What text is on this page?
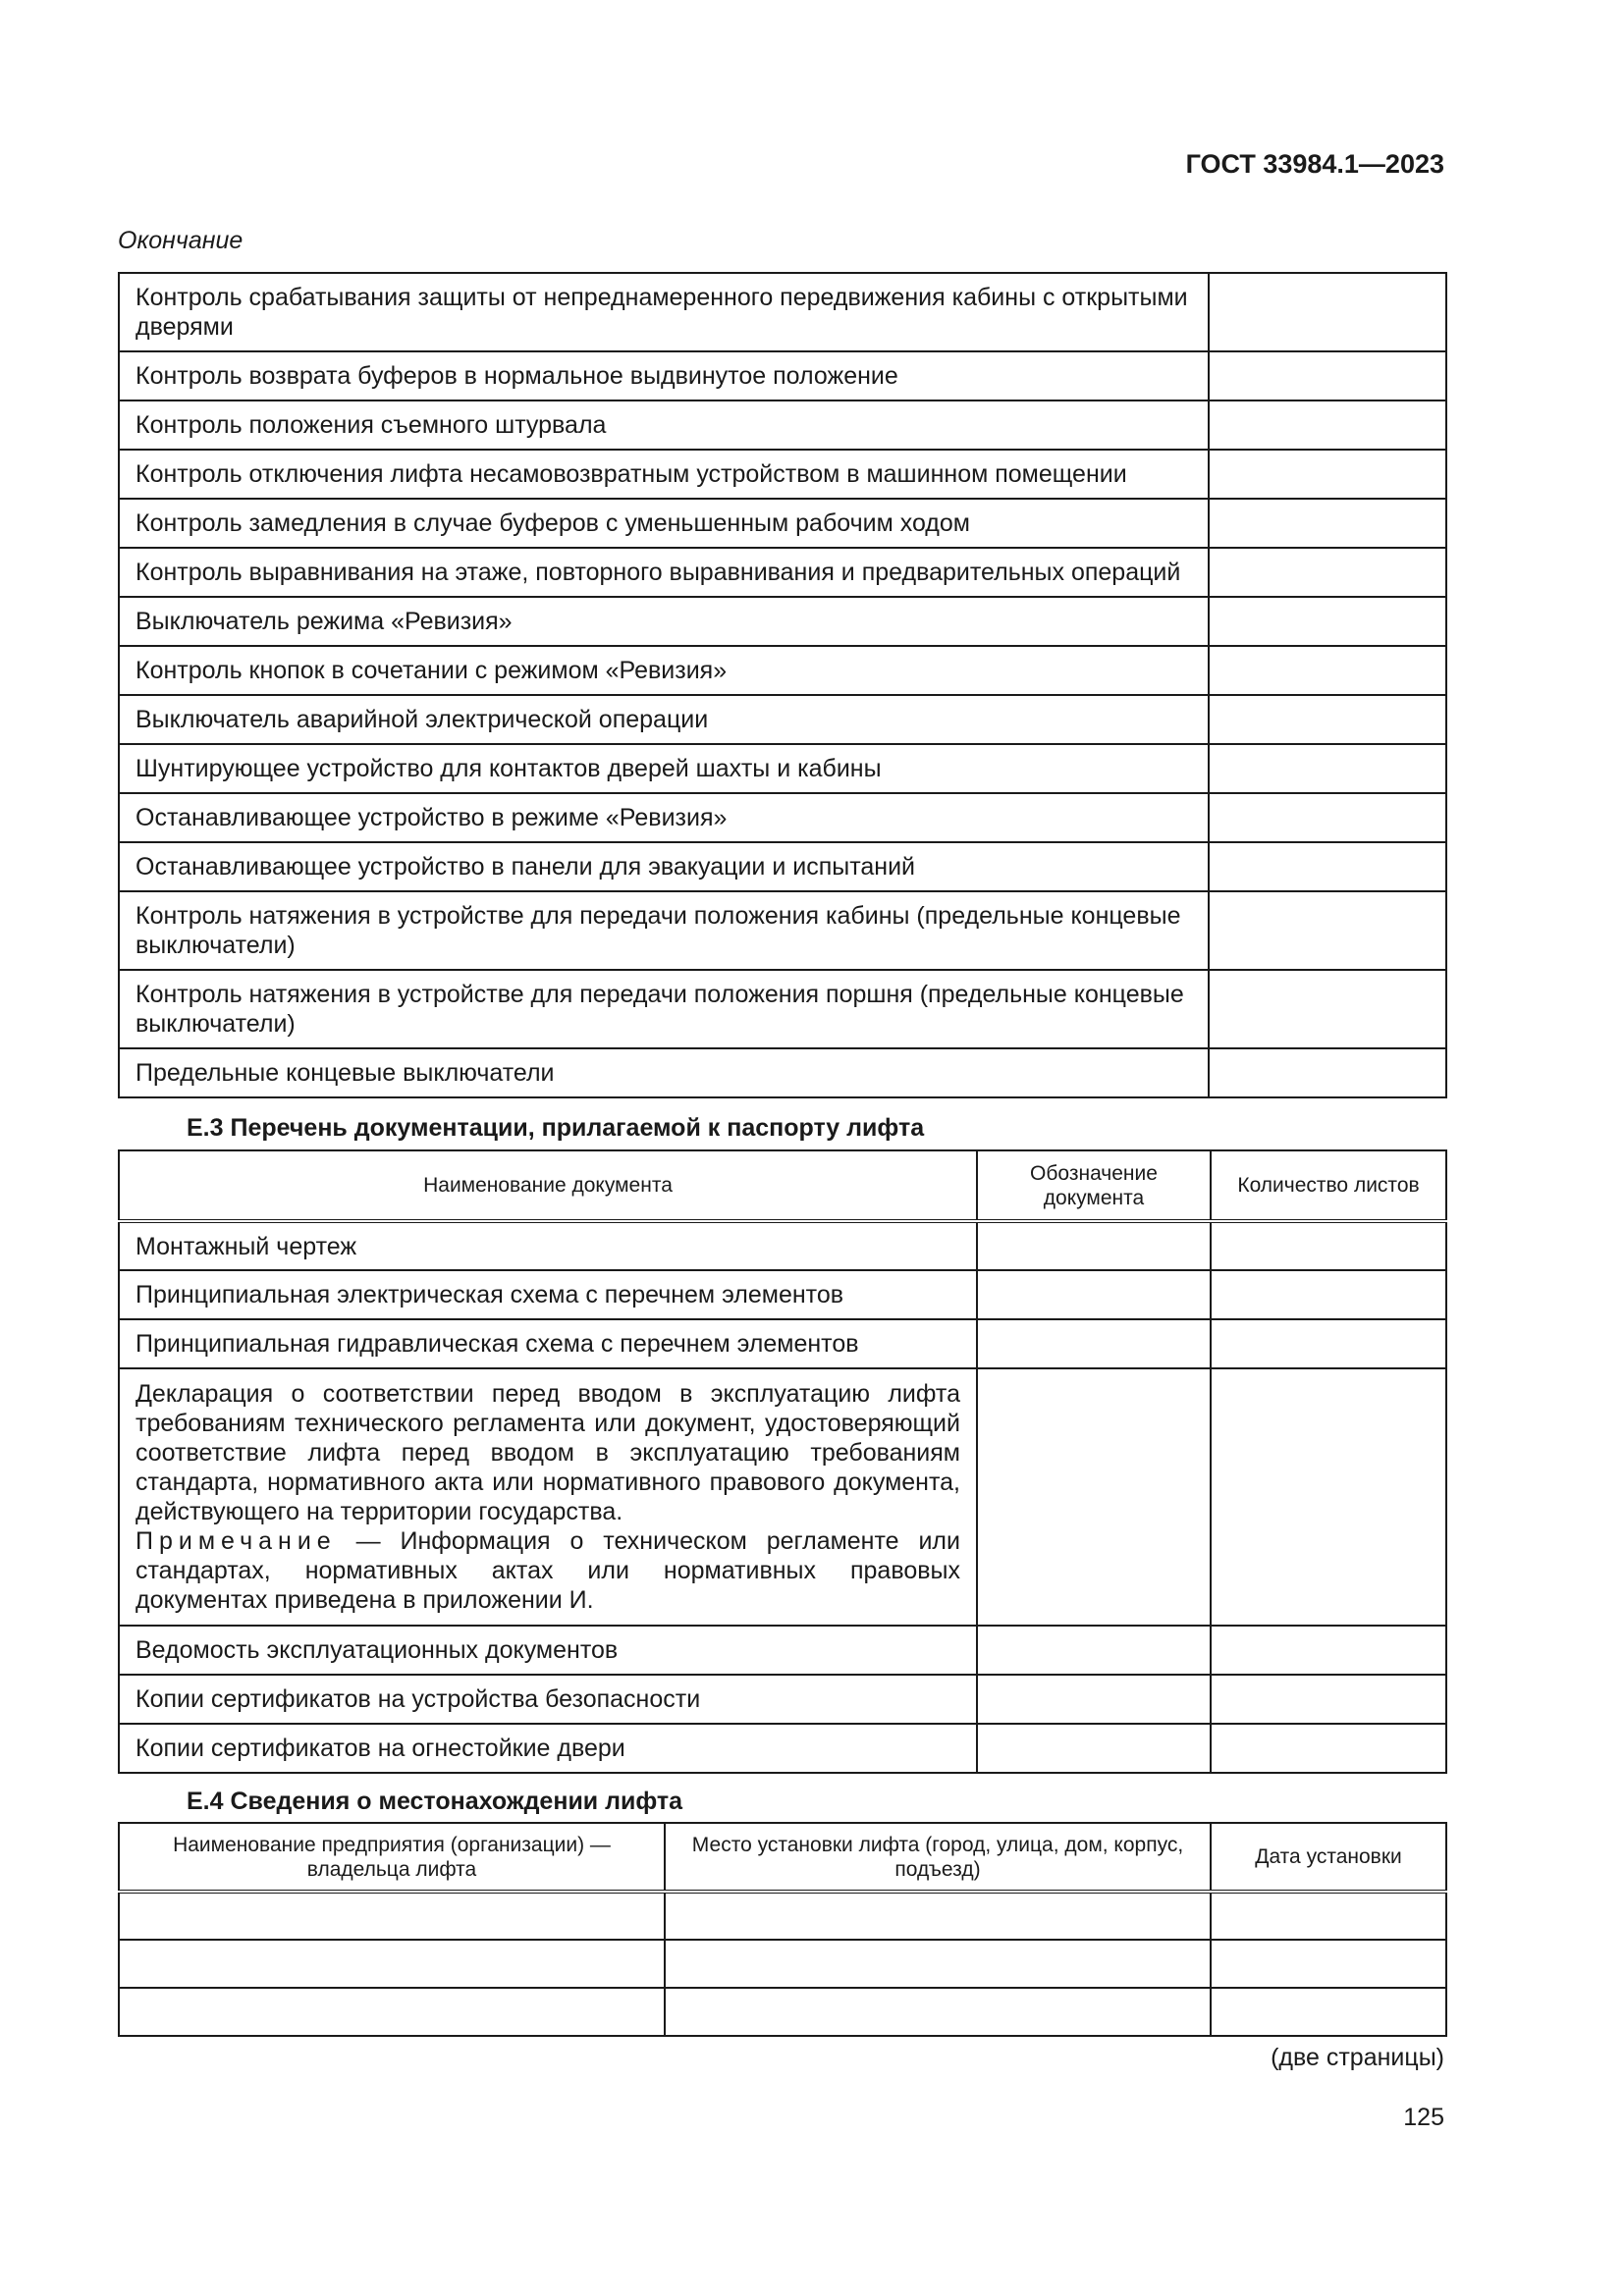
ГОСТ 33984.1—2023
Окончание
Контроль срабатывания защиты от непреднамеренного передвижения кабины с открытыми дверями	
Контроль возврата буферов в нормальное выдвинутое положение	
Контроль положения съемного штурвала	
Контроль отключения лифта несамовозвратным устройством в машинном помещении	
Контроль замедления в случае буферов с уменьшенным рабочим ходом	
Контроль выравнивания на этаже, повторного выравнивания и предварительных операций	
Выключатель режима «Ревизия»	
Контроль кнопок в сочетании с режимом «Ревизия»	
Выключатель аварийной электрической операции	
Шунтирующее устройство для контактов дверей шахты и кабины	
Останавливающее устройство в режиме «Ревизия»	
Останавливающее устройство в панели для эвакуации и испытаний	
Контроль натяжения в устройстве для передачи положения кабины (предельные концевые выключатели)	
Контроль натяжения в устройстве для передачи положения поршня (предельные концевые выключатели)	
Предельные концевые выключатели	
Е.3 Перечень документации, прилагаемой к паспорту лифта
Наименование документа	Обозначение документа	Количество листов
Монтажный чертеж		
Принципиальная электрическая схема с перечнем элементов		
Принципиальная гидравлическая схема с перечнем элементов		

Декларация о соответствии перед вводом в эксплуатацию лифта требованиям технического регламента или документ, удостоверяющий соответствие лифта перед вводом в эксплуатацию требованиям стандарта, нормативного акта или нормативного правового документа, действующего на территории государства.
Примечание — Информация о техническом регламенте или стандартах, нормативных актах или нормативных правовых документах приведена в приложении И.		

Ведомость эксплуатационных документов		
Копии сертификатов на устройства безопасности		
Копии сертификатов на огнестойкие двери		
Е.4 Сведения о местонахождении лифта
Наименование предприятия (организации) — владельца лифта	Место установки лифта (город, улица, дом, корпус, подъезд)	Дата установки

(две страницы)
125
